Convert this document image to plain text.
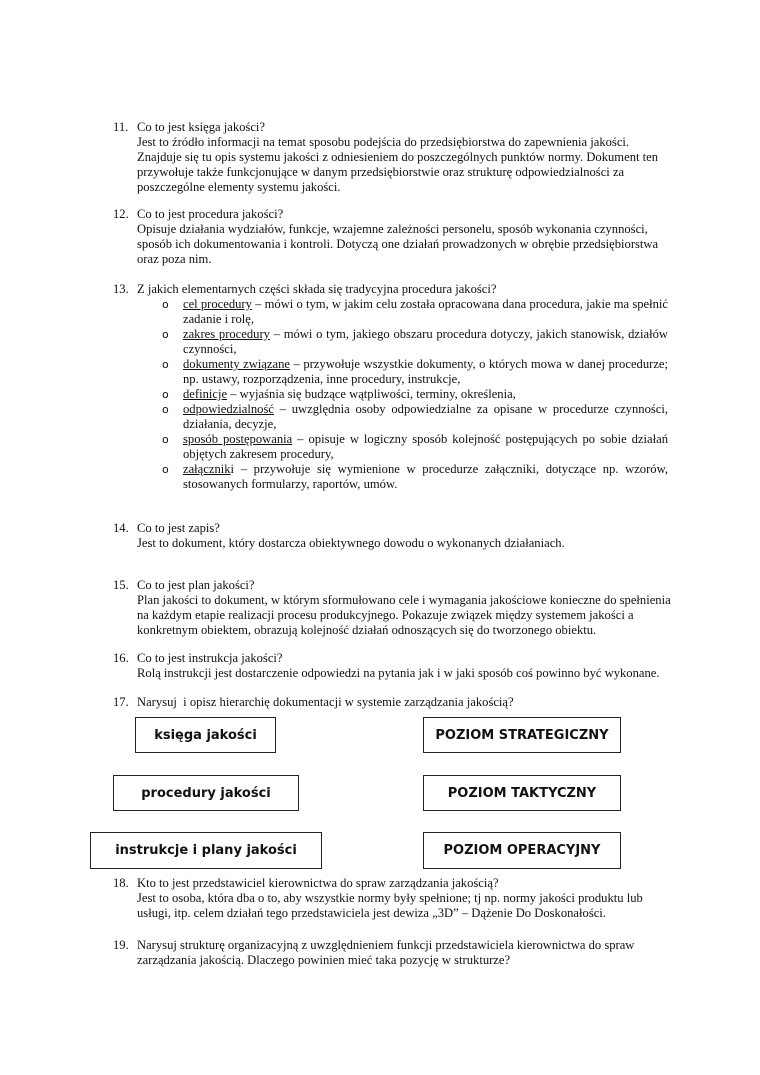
11. Co to jest księga jakości?
Jest to źródło informacji na temat sposobu podejścia do przedsiębiorstwa do zapewnienia jakości. Znajduje się tu opis systemu jakości z odniesieniem do poszczególnych punktów normy. Dokument ten przywołuje także funkcjonujące w danym przedsiębiorstwie oraz strukturę odpowiedzialności za poszczególne elementy systemu jakości.
12. Co to jest procedura jakości?
Opisuje działania wydziałów, funkcje, wzajemne zależności personelu, sposób wykonania czynności, sposób ich dokumentowania i kontroli. Dotyczą one działań prowadzonych w obrębie przedsiębiorstwa oraz poza nim.
13. Z jakich elementarnych części składa się tradycyjna procedura jakości?
o cel procedury – mówi o tym, w jakim celu została opracowana dana procedura, jakie ma spełnić zadanie i rolę,
o zakres procedury – mówi o tym, jakiego obszaru procedura dotyczy, jakich stanowisk, działów czynności,
o dokumenty związane – przywołuje wszystkie dokumenty, o których mowa w danej procedurze; np. ustawy, rozporządzenia, inne procedury, instrukcje,
o definicje – wyjaśnia się budzące wątpliwości, terminy, określenia,
o odpowiedzialność – uwzględnia osoby odpowiedzialne za opisane w procedurze czynności, działania, decyzje,
o sposób postępowania – opisuje w logiczny sposób kolejność postępujących po sobie działań objętych zakresem procedury,
o załączniki – przywołuje się wymienione w procedurze załączniki, dotyczące np. wzorów, stosowanych formularzy, raportów, umów.
14. Co to jest zapis?
Jest to dokument, który dostarcza obiektywnego dowodu o wykonanych działaniach.
15. Co to jest plan jakości?
Plan jakości to dokument, w którym sformułowano cele i wymagania jakościowe konieczne do spełnienia na każdym etapie realizacji procesu produkcyjnego. Pokazuje związek między systemem jakości a konkretnym obiektem, obrazują kolejność działań odnoszących się do tworzonego obiektu.
16. Co to jest instrukcja jakości?
Rolą instrukcji jest dostarczenie odpowiedzi na pytania jak i w jaki sposób coś powinno być wykonane.
17. Narysuj  i opisz hierarchię dokumentacji w systemie zarządzania jakością?
księga jakości
procedury jakości
instrukcje i plany jakości
POZIOM STRATEGICZNY
POZIOM TAKTYCZNY
POZIOM OPERACYJNY
18. Kto to jest przedstawiciel kierownictwa do spraw zarządzania jakością?
Jest to osoba, która dba o to, aby wszystkie normy były spełnione; tj np. normy jakości produktu lub usługi, itp. celem działań tego przedstawiciela jest dewiza „3D” – Dążenie Do Doskonałości.
19. Narysuj strukturę organizacyjną z uwzględnieniem funkcji przedstawiciela kierownictwa do spraw zarządzania jakością. Dlaczego powinien mieć taka pozycję w strukturze?
